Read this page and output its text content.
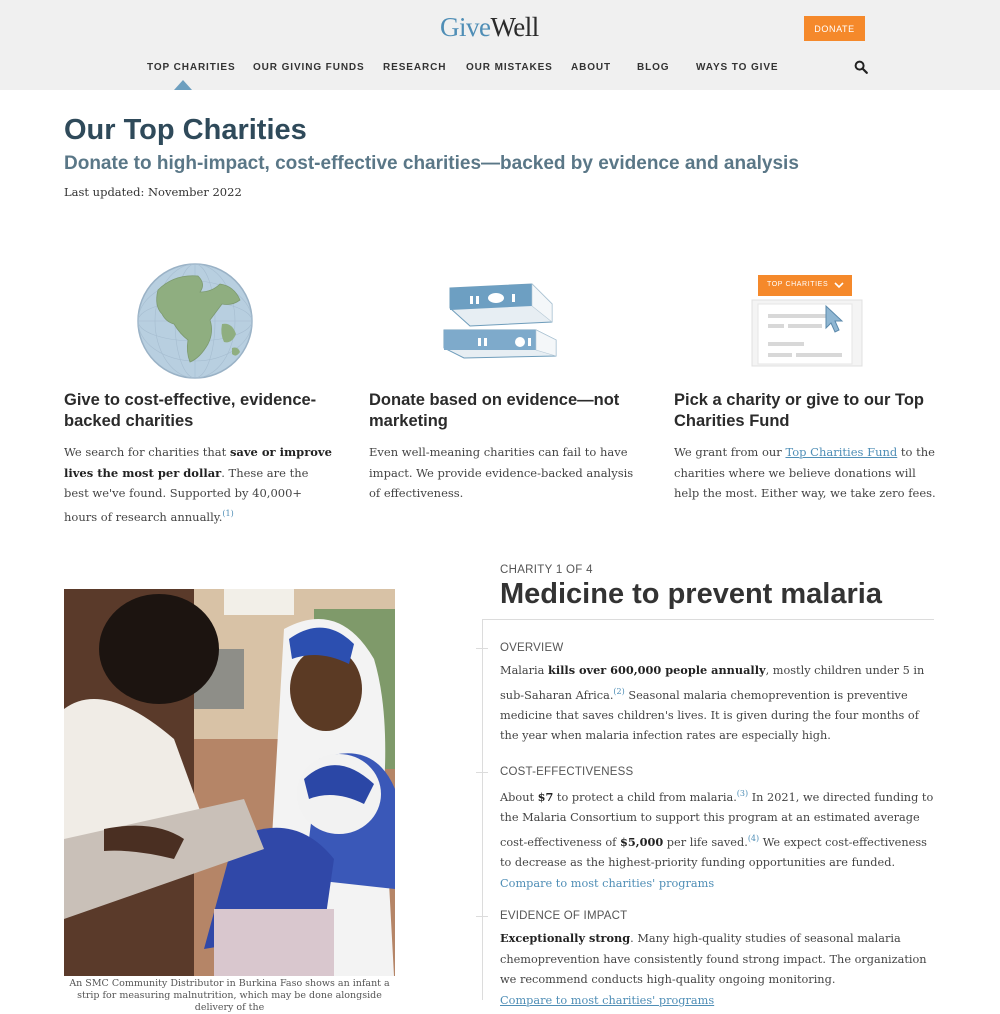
GiveWell	DONATE
TOP CHARITIES OUR GIVING FUNDS RESEARCH OUR MISTAKES ABOUT	BLOG	WAYS TO GIVE
Our Top Charities
Donate to high-impact, cost-effective charities—backed by evidence and analysis
Last updated: November 2022
TOP CHARITIES
Give to cost-effective, evidence-backed charities

We search for charities that save or improve lives the most per dollar. These are the best we've found. Supported by 40,000+ hours of research annually.$^{(1)}$

Donate based on evidence—not marketing

Even well-meaning charities can fail to have impact. We provide evidence-backed analysis of effectiveness.

Pick a charity or give to our Top Charities Fund

We grant from our Top Charities Fund to the charities where we believe donations will help the most. Either way, we take zero fees.

An SMC Community Distributor in Burkina Faso shows an infant a strip for measuring malnutrition, which may be done alongside delivery of the
CHARITY 1 OF 4
Medicine to prevent malaria
OVERVIEW
Malaria kills over 600,000 people annually, mostly children under 5 in sub-Saharan Africa.$^{(2)}$ Seasonal malaria chemoprevention is preventive medicine that saves children's lives. It is given during the four months of the year when malaria infection rates are especially high.
COST-EFFECTIVENESS
About $7 to protect a child from malaria.$^{(3)}$ In 2021, we directed funding to the Malaria Consortium to support this program at an estimated average cost-effectiveness of $5,000 per life saved.$^{(4)}$ We expect cost-effectiveness to decrease as the highest-priority funding opportunities are funded.
Compare to most charities' programs
EVIDENCE OF IMPACT
Exceptionally strong. Many high-quality studies of seasonal malaria chemoprevention have consistently found strong impact. The organization we recommend conducts high-quality ongoing monitoring.
Compare to most charities' programs
